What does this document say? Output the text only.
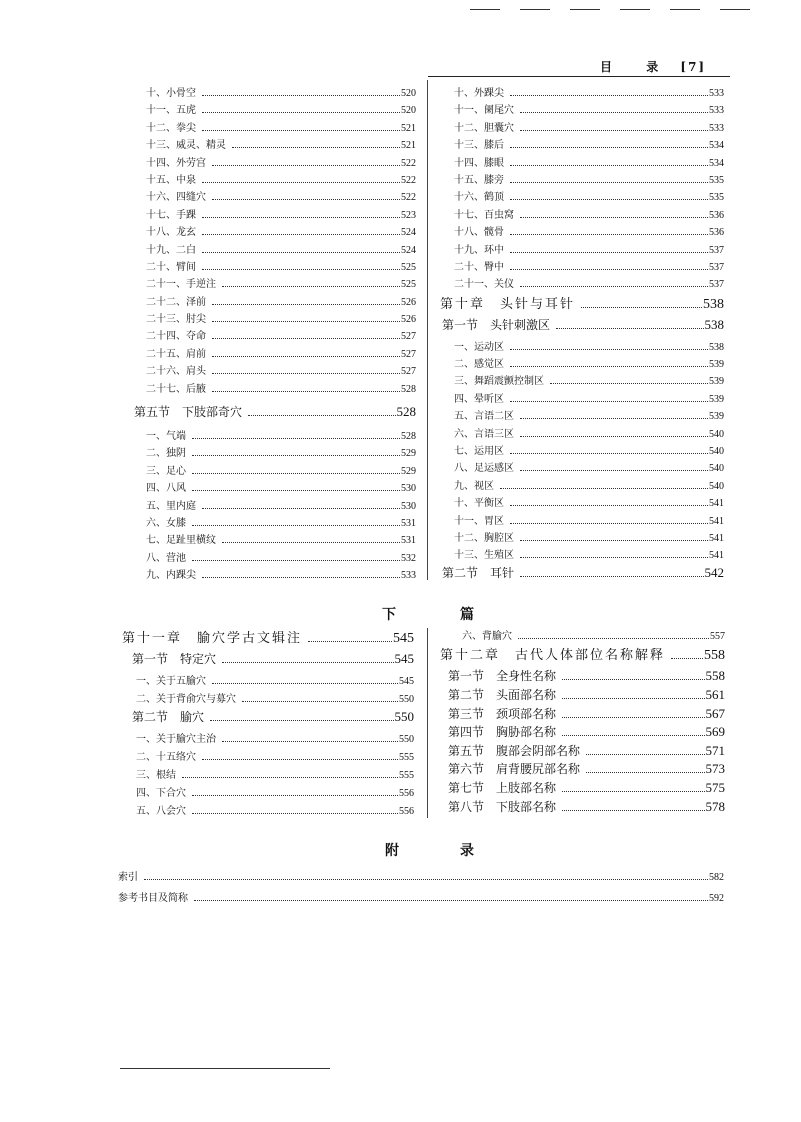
目	录 [7]
十、小骨空	520
十一、五虎	520
十二、拳尖	521
十三、威灵、精灵	521
十四、外劳宫	522
十五、中泉	522
十六、四缝穴	522
十七、手踝	523
十八、龙玄	524
十九、二白	524
二十、臂间	525
二十一、手逆注	525
二十二、泽前	526
二十三、肘尖	526
二十四、夺命	527
二十五、肩前	527
二十六、肩头	527
二十七、后腋	528
第五节　下肢部奇穴	528
一、气端	528
二、独阴	529
三、足心	529
四、八风	530
五、里内庭	530
六、女膝	531
七、足趾里横纹	531
八、营池	532
九、内踝尖	533
十、外踝尖	533
十一、阑尾穴	533
十二、胆囊穴	533
十三、膝后	534
十四、膝眼	534
十五、膝旁	535
十六、鹤顶	535
十七、百虫窝	536
十八、髋骨	536
十九、环中	537
二十、臀中	537
二十一、关仪	537
第十章　头针与耳针	538
第一节　头针刺激区	538
一、运动区	538
二、感觉区	539
三、舞蹈震颤控制区	539
四、晕听区	539
五、言语二区	539
六、言语三区	540
七、运用区	540
八、足运感区	540
九、视区	540
十、平衡区	541
十一、胃区	541
十二、胸腔区	541
十三、生殖区	541
第二节　耳针	542
下	篇
第十一章　腧穴学古文辑注	545
第一节　特定穴	545
一、关于五腧穴	545
二、关于背俞穴与募穴	550
第二节　腧穴	550
一、关于腧穴主治	550
二、十五络穴	555
三、根结	555
四、下合穴	556
五、八会穴	556
六、背腧穴	557
第十二章　古代人体部位名称解释	558
第一节　全身性名称	558
第二节　头面部名称	561
第三节　颈项部名称	567
第四节　胸胁部名称	569
第五节　腹部会阴部名称	571
第六节　肩背腰尻部名称	573
第七节　上肢部名称	575
第八节　下肢部名称	578
附	录
索引	582
参考书目及简称	592
